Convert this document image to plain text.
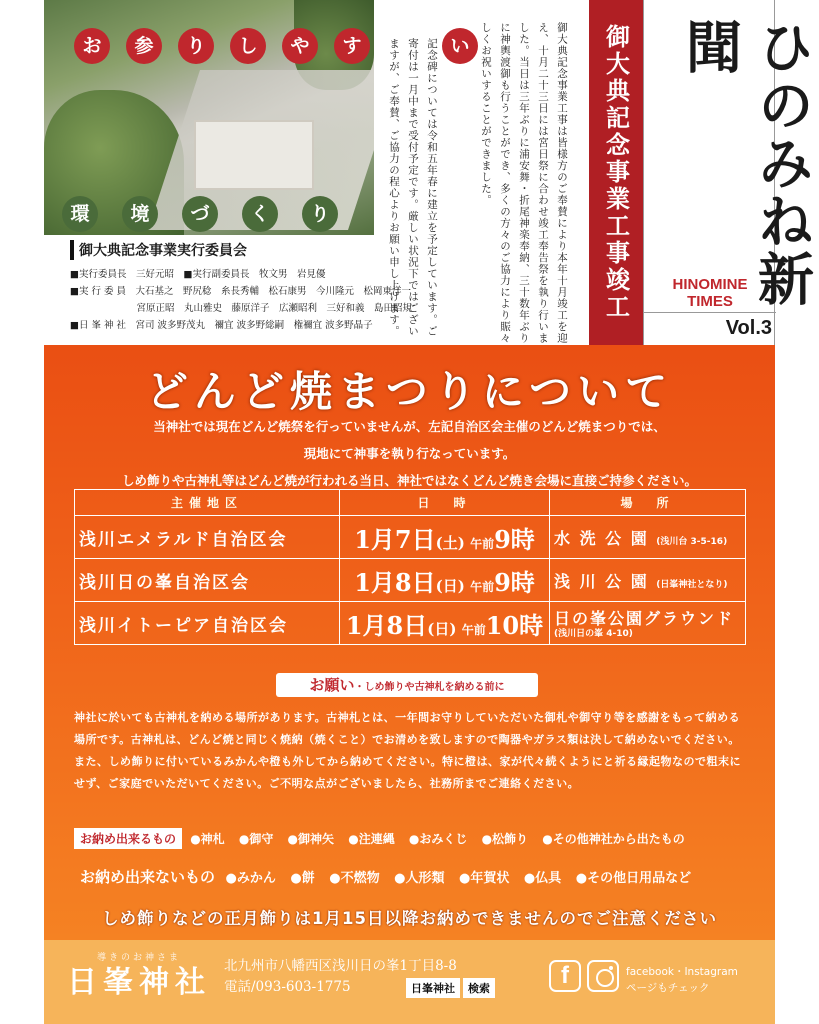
お	参	り	し	や	す
環	境	づ	く	り
い
御大典記念事業実行委員会
■実行委員長　三好元昭　■実行副委員長　牧文男　岩見優
■実 行 委 員　大石基之　野尻稔　糸長秀輔　松石康男　今川隆元　松岡東洋一
　　　　　　　宮原正昭　丸山雅史　藤原洋子　広瀬昭利　三好和義　島田昭規
■日 峯 神 社　宮司 波多野茂丸　禰宜 波多野総嗣　権禰宜 波多野晶子	記念碑については令和五年春に建立を予定しています。ご寄付は一月中まで受付予定です。厳しい状況下ではございますが、ご奉賛、ご協力の程心よりお願い申し上げます。	御大典記念事業工事は皆様方のご奉賛により本年十月竣工を迎え、十月二十三日には宮日祭に合わせ竣工奉告祭を執り行いました。当日は三年ぶりに浦安舞・折尾神楽奉納、三十数年ぶりに神輿渡御も行うことができ、多くの方々のご協力により賑々しくお祝いすることができました。	御大典記念事業工事竣工	ひのみね新聞
HINOMINE
TIMES
Vol.3
どんど焼まつりについて
当神社では現在どんど焼祭を行っていませんが、左記自治区会主催のどんど焼まつりでは、
現地にて神事を執り行なっています。
しめ飾りや古神札等はどんど焼が行われる当日、神社ではなくどんど焼き会場に直接ご持参ください。
主催地区	日　時	場　所
浅川エメラルド自治区会	1月7日(土) 午前9時	水 洗 公 園 (浅川台 3-5-16)
浅川日の峯自治区会	1月8日(日) 午前9時	浅 川 公 園 (日峯神社となり)
浅川イトーピア自治区会	1月8日(日) 午前10時	日の峯公園グラウンド
(浅川日の峯 4-10)
お願い・しめ飾りや古神札を納める前に
神社に於いても古神札を納める場所があります。古神札とは、一年間お守りしていただいた御札や御守り等を感謝をもって納める場所です。古神札は、どんど焼と同じく焼納（焼くこと）でお清めを致しますので陶器やガラス類は決して納めないでください。また、しめ飾りに付いているみかんや橙も外してから納めてください。特に橙は、家が代々続くようにと祈る縁起物なので粗末にせず、ご家庭でいただいてください。ご不明な点がございましたら、社務所までご連絡ください。
お納め出来るもの ●神札 ●御守 ●御神矢 ●注連縄 ●おみくじ ●松飾り ●その他神社から出たもの
お納め出来ないもの ●みかん ●餅 ●不燃物 ●人形類 ●年賀状 ●仏具 ●その他日用品など
しめ飾りなどの正月飾りは1月15日以降お納めできませんのでご注意ください
導きのお神さま
日峯神社 北九州市八幡西区浅川日の峯1丁目8-8
電話/093-603-1775	日峯神社	検索	f	facebook・Instagram
ページもチェック
